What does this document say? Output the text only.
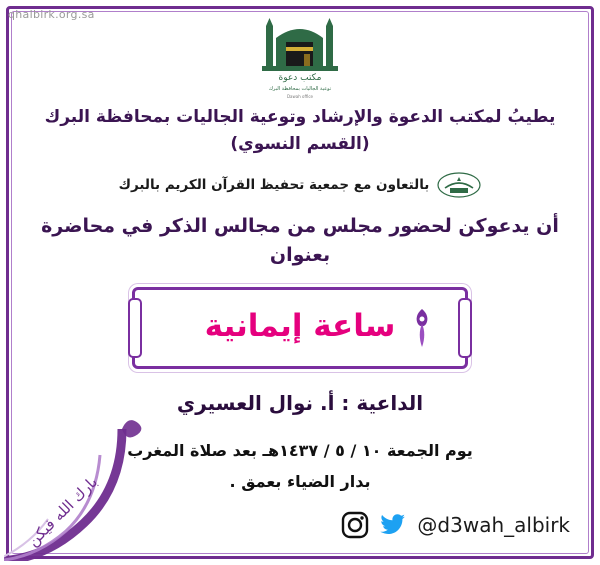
qhalbirk.org.sa
مكتب دعوة
توعية الجاليات بمحافظة البرك
Dawah office
يطيبُ لمكتب الدعوة والإرشاد وتوعية الجاليات بمحافظة البرك (القسم النسوي)
بالتعاون مع جمعية تحفيظ القرآن الكريم بالبرك
أن يدعوكن لحضور مجلس من مجالس الذكر في محاضرة بعنوان
ساعة إيمانية
الداعية : أ. نوال العسيري
يوم الجمعة ١٠ / ٥ / ١٤٣٧هـ بعد صلاة المغرب
بدار الضياء بعمق .
بارك الله فيكن	@d3wah_albirk
